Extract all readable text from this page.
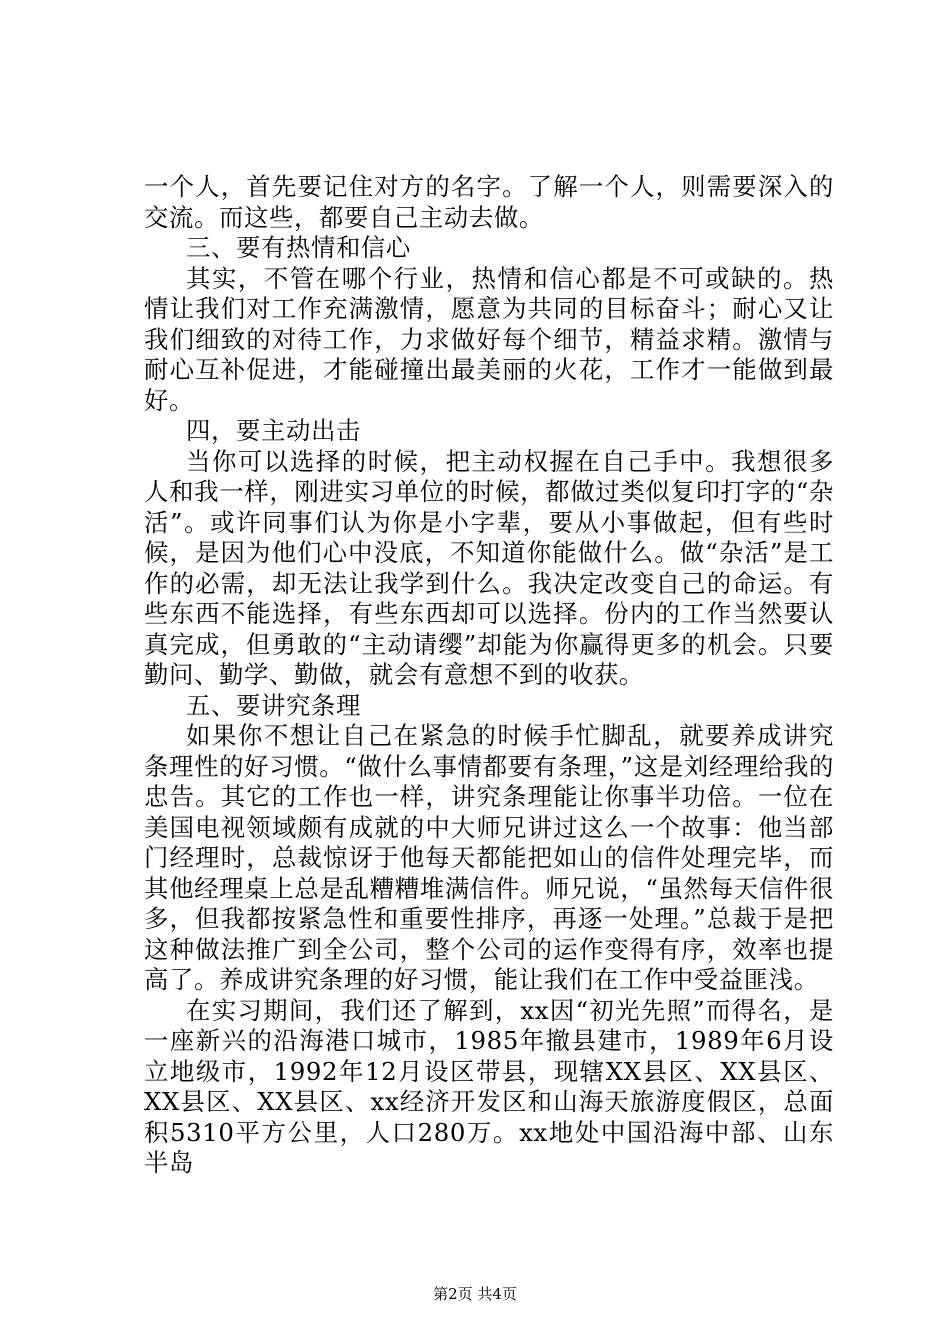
一个人，首先要记住对方的名字。了解一个人，则需要深入的交流。而这些，都要自己主动去做。

三、要有热情和信心

其实，不管在哪个行业，热情和信心都是不可或缺的。热情让我们对工作充满激情，愿意为共同的目标奋斗；耐心又让我们细致的对待工作，力求做好每个细节，精益求精。激情与耐心互补促进，才能碰撞出最美丽的火花，工作才一能做到最好。

四，要主动出击

当你可以选择的时候，把主动权握在自己手中。我想很多人和我一样，刚进实习单位的时候，都做过类似复印打字的“杂活”。或许同事们认为你是小字辈，要从小事做起，但有些时候，是因为他们心中没底，不知道你能做什么。做“杂活”是工作的必需，却无法让我学到什么。我决定改变自己的命运。有些东西不能选择，有些东西却可以选择。份内的工作当然要认真完成，但勇敢的“主动请缨”却能为你赢得更多的机会。只要勤问、勤学、勤做，就会有意想不到的收获。

五、要讲究条理

如果你不想让自己在紧急的时候手忙脚乱，就要养成讲究条理性的好习惯。“做什么事情都要有条理，”这是刘经理给我的忠告。其它的工作也一样，讲究条理能让你事半功倍。一位在美国电视领域颇有成就的中大师兄讲过这么一个故事：他当部门经理时，总裁惊讶于他每天都能把如山的信件处理完毕，而其他经理桌上总是乱糟糟堆满信件。师兄说，“虽然每天信件很多，但我都按紧急性和重要性排序，再逐一处理。”总裁于是把这种做法推广到全公司，整个公司的运作变得有序，效率也提高了。养成讲究条理的好习惯，能让我们在工作中受益匪浅。

在实习期间，我们还了解到，xx因“初光先照”而得名，是一座新兴的沿海港口城市，1985年撤县建市，1989年6月设立地级市，1992年12月设区带县，现辖XX县区、XX县区、XX县区、XX县区、xx经济开发区和山海天旅游度假区，总面积5310平方公里，人口280万。xx地处中国沿海中部、山东半岛

第2页 共4页
